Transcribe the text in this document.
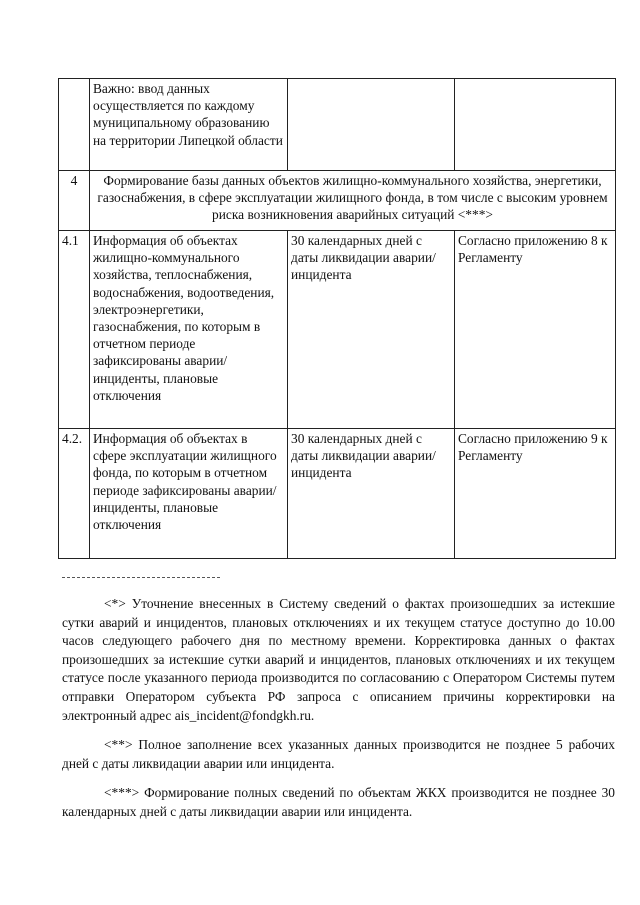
	Важно: ввод данных осуществляется по каждому муниципальному образованию на территории Липецкой области		
4	Формирование базы данных объектов жилищно-коммунального хозяйства, энергетики, газоснабжения, в сфере эксплуатации жилищного фонда, в том числе с высоким уровнем риска возникновения аварийных ситуаций <***>		
4.1	Информация об объектах жилищно-коммунального хозяйства, теплоснабжения, водоснабжения, водоотведения, электроэнергетики, газоснабжения, по которым в отчетном периоде зафиксированы аварии/инциденты, плановые отключения	30 календарных дней с даты ликвидации аварии/инцидента	Согласно приложению 8 к Регламенту
4.2.	Информация об объектах в сфере эксплуатации жилищного фонда, по которым в отчетном периоде зафиксированы аварии/инциденты, плановые отключения	30 календарных дней с даты ликвидации аварии/инцидента	Согласно приложению 9 к Регламенту

<*> Уточнение внесенных в Систему сведений о фактах произошедших за истекшие сутки аварий и инцидентов, плановых отключениях и их текущем статусе доступно до 10.00 часов следующего рабочего дня по местному времени. Корректировка данных о фактах произошедших за истекшие сутки аварий и инцидентов, плановых отключениях и их текущем статусе после указанного периода производится по согласованию с Оператором Системы путем отправки Оператором субъекта РФ запроса с описанием причины корректировки на электронный адрес ais_incident@fondgkh.ru.

<**> Полное заполнение всех указанных данных производится не позднее 5 рабочих дней с даты ликвидации аварии или инцидента.

<***> Формирование полных сведений по объектам ЖКХ производится не позднее 30 календарных дней с даты ликвидации аварии или инцидента.
